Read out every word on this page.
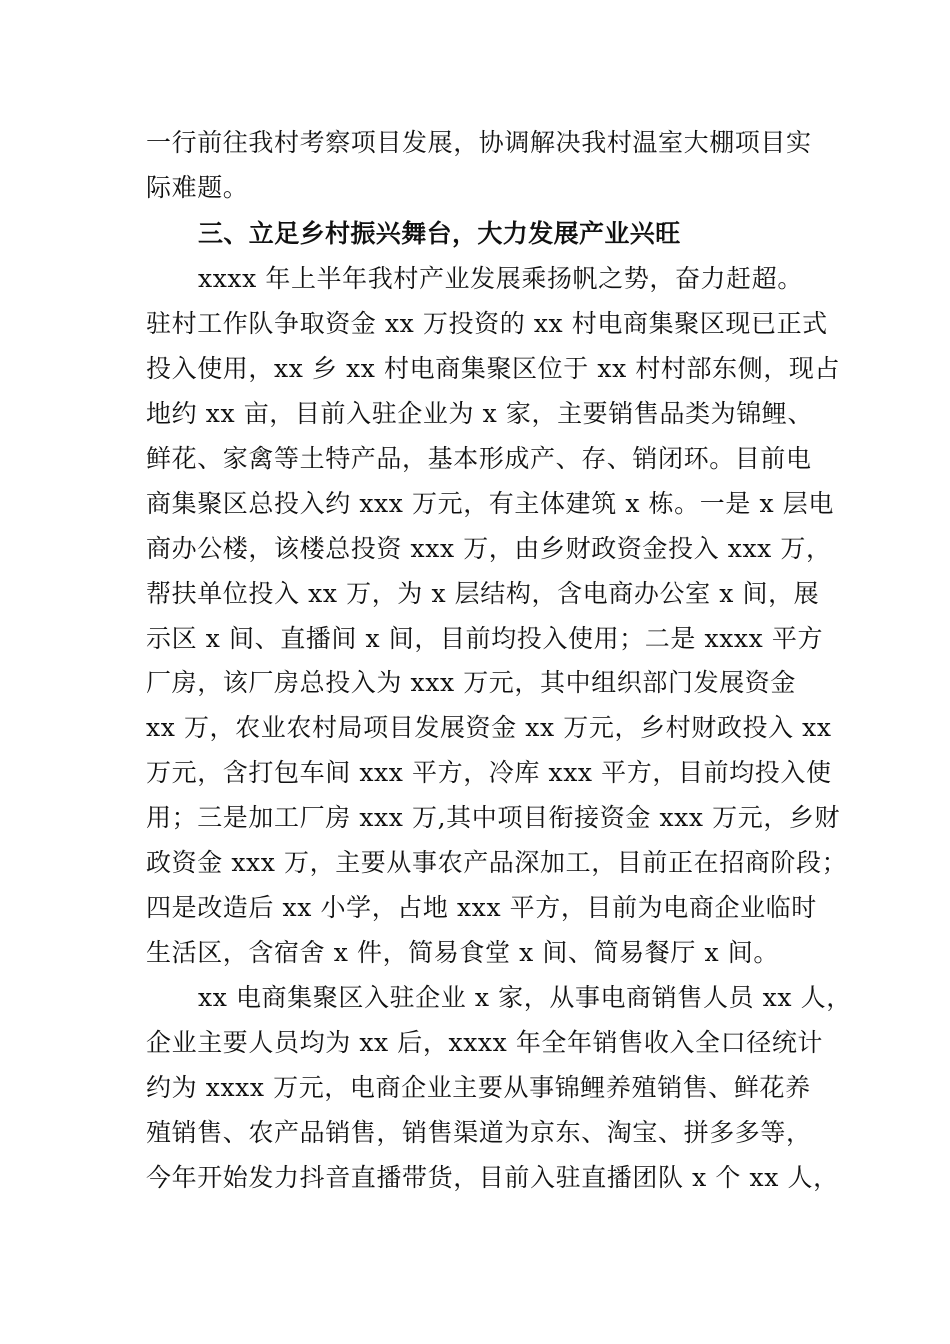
一行前往我村考察项目发展，协调解决我村温室大棚项目实
际难题。
三、立足乡村振兴舞台，大力发展产业兴旺
xxxx 年上半年我村产业发展乘扬帆之势，奋力赶超。
驻村工作队争取资金 xx 万投资的 xx 村电商集聚区现已正式
投入使用，xx 乡 xx 村电商集聚区位于 xx 村村部东侧，现占
地约 xx 亩，目前入驻企业为 x 家，主要销售品类为锦鲤、
鲜花、家禽等土特产品，基本形成产、存、销闭环。目前电
商集聚区总投入约 xxx 万元，有主体建筑 x 栋。一是 x 层电
商办公楼，该楼总投资 xxx 万，由乡财政资金投入 xxx 万，
帮扶单位投入 xx 万，为 x 层结构，含电商办公室 x 间，展
示区 x 间、直播间 x 间，目前均投入使用；二是 xxxx 平方
厂房，该厂房总投入为 xxx 万元，其中组织部门发展资金
xx 万，农业农村局项目发展资金 xx 万元，乡村财政投入 xx
万元，含打包车间 xxx 平方，冷库 xxx 平方，目前均投入使
用；三是加工厂房 xxx 万,其中项目衔接资金 xxx 万元，乡财
政资金 xxx 万，主要从事农产品深加工，目前正在招商阶段；
四是改造后 xx 小学，占地 xxx 平方，目前为电商企业临时
生活区，含宿舍 x 件，简易食堂 x 间、简易餐厅 x 间。
xx 电商集聚区入驻企业 x 家，从事电商销售人员 xx 人，
企业主要人员均为 xx 后，xxxx 年全年销售收入全口径统计
约为 xxxx 万元，电商企业主要从事锦鲤养殖销售、鲜花养
殖销售、农产品销售，销售渠道为京东、淘宝、拼多多等，
今年开始发力抖音直播带货，目前入驻直播团队 x 个 xx 人，
